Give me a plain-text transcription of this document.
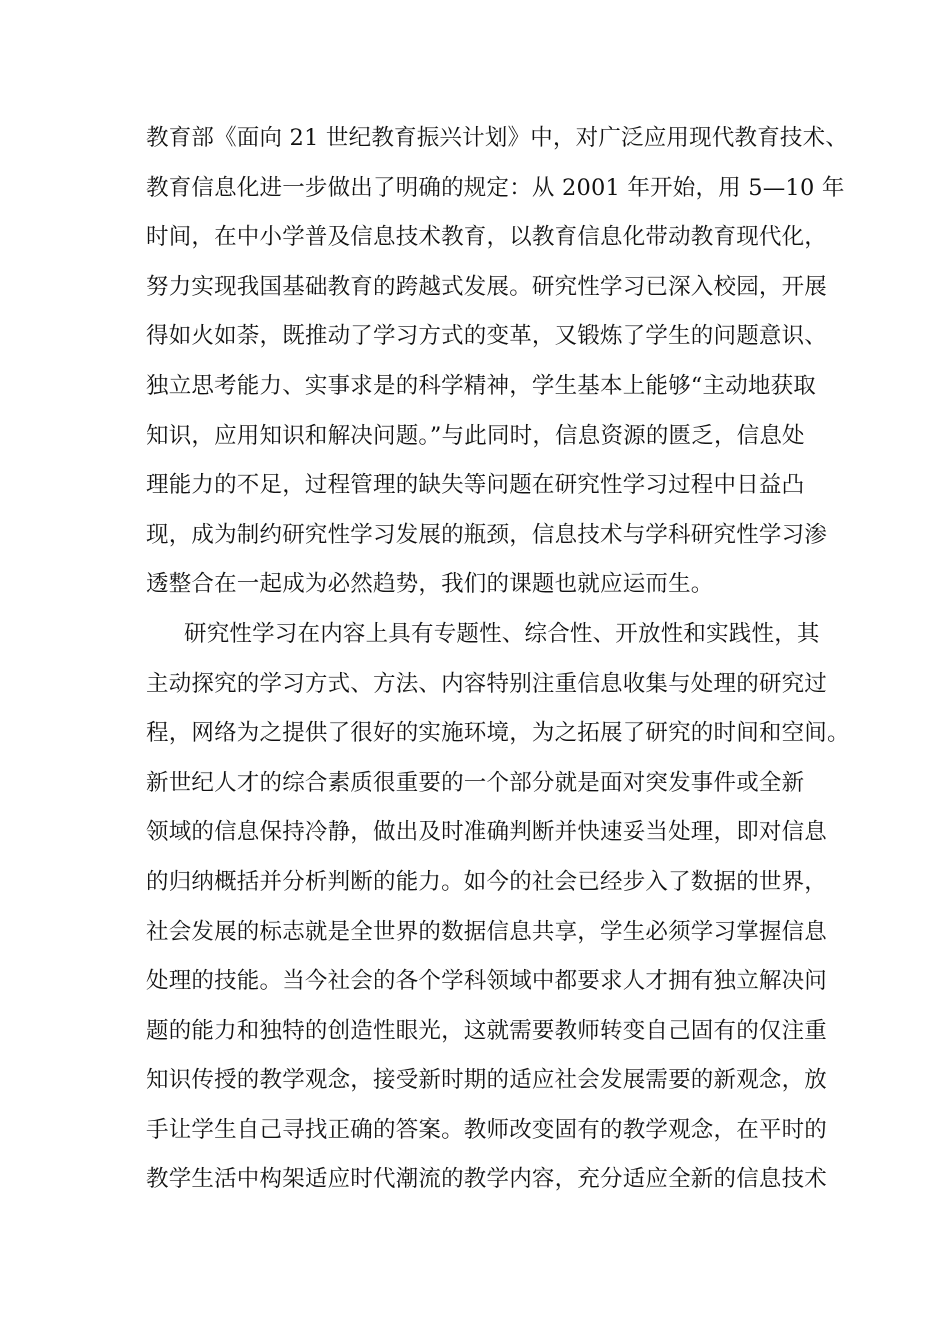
教育部《面向 21 世纪教育振兴计划》中，对广泛应用现代教育技术、
教育信息化进一步做出了明确的规定：从 2001 年开始，用 5—10 年
时间，在中小学普及信息技术教育，以教育信息化带动教育现代化，
努力实现我国基础教育的跨越式发展。研究性学习已深入校园，开展
得如火如荼，既推动了学习方式的变革，又锻炼了学生的问题意识、
独立思考能力、实事求是的科学精神，学生基本上能够“主动地获取
知识，应用知识和解决问题。”与此同时，信息资源的匮乏，信息处
理能力的不足，过程管理的缺失等问题在研究性学习过程中日益凸
现，成为制约研究性学习发展的瓶颈，信息技术与学科研究性学习渗
透整合在一起成为必然趋势，我们的课题也就应运而生。
研究性学习在内容上具有专题性、综合性、开放性和实践性，其
主动探究的学习方式、方法、内容特别注重信息收集与处理的研究过
程，网络为之提供了很好的实施环境，为之拓展了研究的时间和空间。
新世纪人才的综合素质很重要的一个部分就是面对突发事件或全新
领域的信息保持冷静，做出及时准确判断并快速妥当处理，即对信息
的归纳概括并分析判断的能力。如今的社会已经步入了数据的世界，
社会发展的标志就是全世界的数据信息共享，学生必须学习掌握信息
处理的技能。当今社会的各个学科领域中都要求人才拥有独立解决问
题的能力和独特的创造性眼光，这就需要教师转变自己固有的仅注重
知识传授的教学观念，接受新时期的适应社会发展需要的新观念，放
手让学生自己寻找正确的答案。教师改变固有的教学观念，在平时的
教学生活中构架适应时代潮流的教学内容，充分适应全新的信息技术
